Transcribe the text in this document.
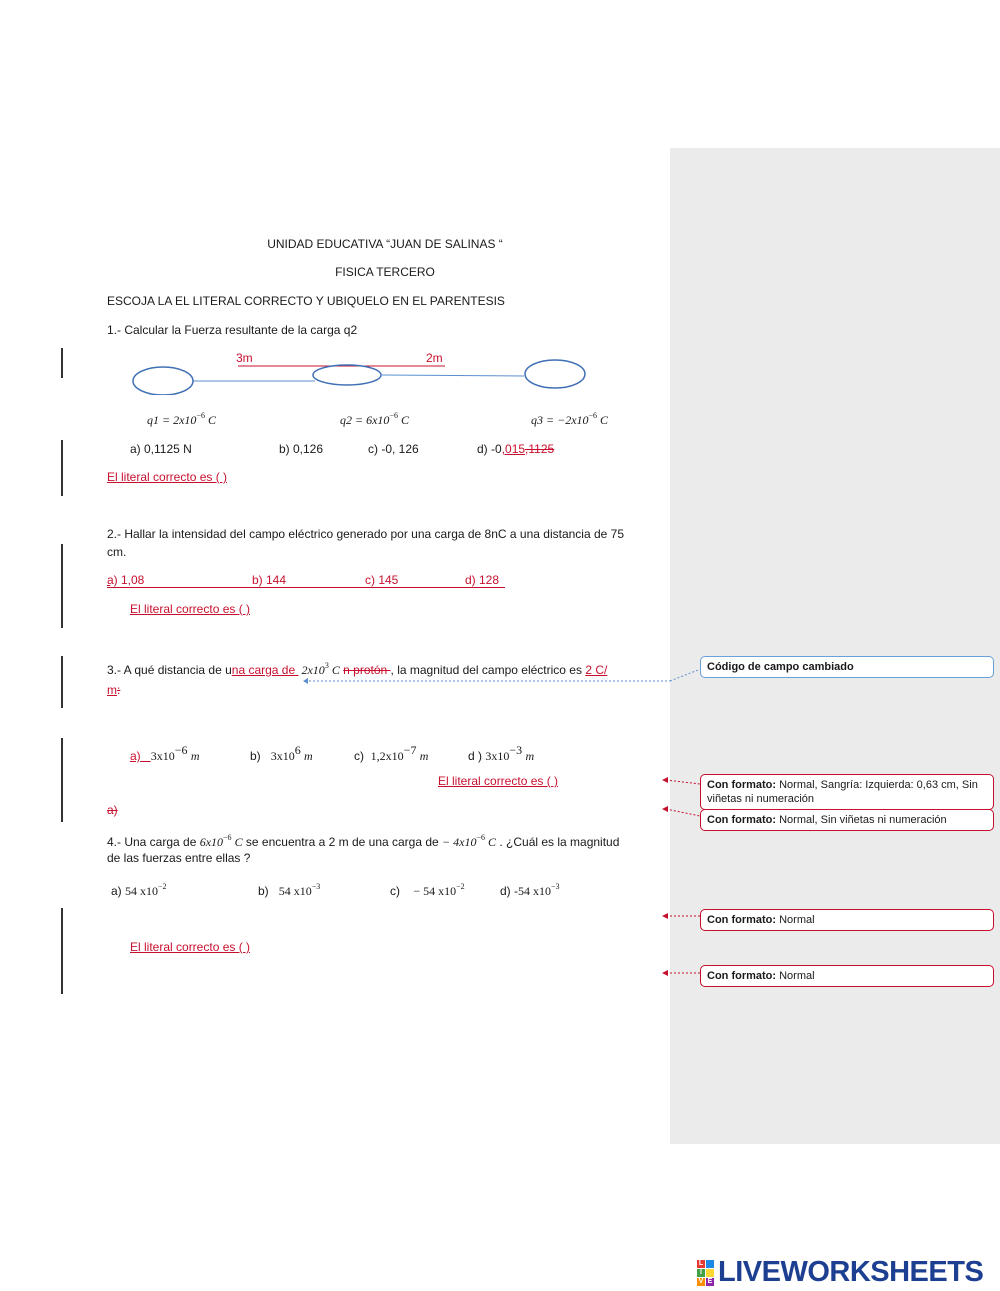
UNIDAD EDUCATIVA “JUAN DE SALINAS “
FISICA TERCERO
ESCOJA LA EL LITERAL CORRECTO Y UBIQUELO EN EL PARENTESIS
1.- Calcular la Fuerza resultante de la carga q2
3m	2m
$q1 = 2x10^{-6}$ C	$q2 = 6x10^{-6}$ C	$q3 = -2x10^{-6}$ C
a) 0,1125 N	b) 0,126	c) -0, 126	d) -0,015,1125
El literal correcto es ( )
2.- Hallar la intensidad del campo eléctrico generado por una carga de 8nC a una distancia de 75
cm.
a) 1,08	b) 144	c) 145	d) 128

El literal correcto es ( )
3.- A qué distancia de una carga de $2x10^3$ C n protón , la magnitud del campo eléctrico es 2 C/
m:
a) $3x10^{-6}$ m	b) $3x10^6$ m	c) $1,2x10^{-7}$ m	d ) $3x10^{-3}$ m
El literal correcto es ( )
a)
4.- Una carga de $6x10^{-6}$ C se encuentra a 2 m de una carga de − $4x10^{-6}$ C . ¿Cuál es la magnitud
de las fuerzas entre ellas ?
a) 54 $x10^{-2}$	b) 54 $x10^{-3}$	c) − 54 $x10^{-2}$	d) -54 $x10^{-3}$
El literal correcto es ( )
Código de campo cambiado
Con formato: Normal, Sangría: Izquierda: 0,63 cm, Sin viñetas ni numeración
Con formato: Normal, Sin viñetas ni numeración
Con formato: Normal
Con formato: Normal
L
I
V E LIVEWORKSHEETS
